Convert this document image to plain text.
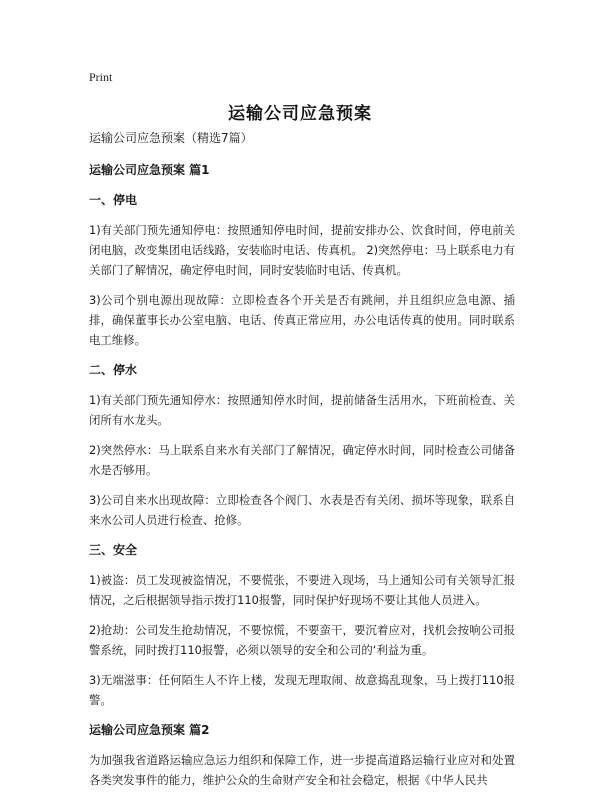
Print
运输公司应急预案

运输公司应急预案（精选7篇）

运输公司应急预案 篇1

一、停电

1)有关部门预先通知停电：按照通知停电时间，提前安排办公、饮食时间，停电前关闭电脑，改变集团电话线路，安装临时电话、传真机。 2)突然停电：马上联系电力有关部门了解情况，确定停电时间，同时安装临时电话、传真机。

3)公司个别电源出现故障：立即检查各个开关是否有跳闸，并且组织应急电源、插排，确保董事长办公室电脑、电话、传真正常应用，办公电话传真的使用。同时联系电工维修。

二、停水

1)有关部门预先通知停水：按照通知停水时间，提前储备生活用水，下班前检查、关闭所有水龙头。

2)突然停水：马上联系自来水有关部门了解情况，确定停水时间，同时检查公司储备水是否够用。

3)公司自来水出现故障：立即检查各个阀门、水表是否有关闭、损坏等现象，联系自来水公司人员进行检查、抢修。

三、安全

1)被盗：员工发现被盗情况，不要慌张，不要进入现场，马上通知公司有关领导汇报情况，之后根据领导指示拨打110报警，同时保护好现场不要让其他人员进入。

2)抢劫：公司发生抢劫情况，不要惊慌，不要蛮干，要沉着应对，找机会按响公司报警系统，同时拨打110报警，必须以领导的安全和公司的‘利益为重。

3)无端滋事：任何陌生人不许上楼，发现无理取闹、故意捣乱现象，马上拨打110报警。

运输公司应急预案 篇2

为加强我省道路运输应急运力组织和保障工作，进一步提高道路运输行业应对和处置各类突发事件的能力，维护公众的生命财产安全和社会稳定，根据《中华人民共
